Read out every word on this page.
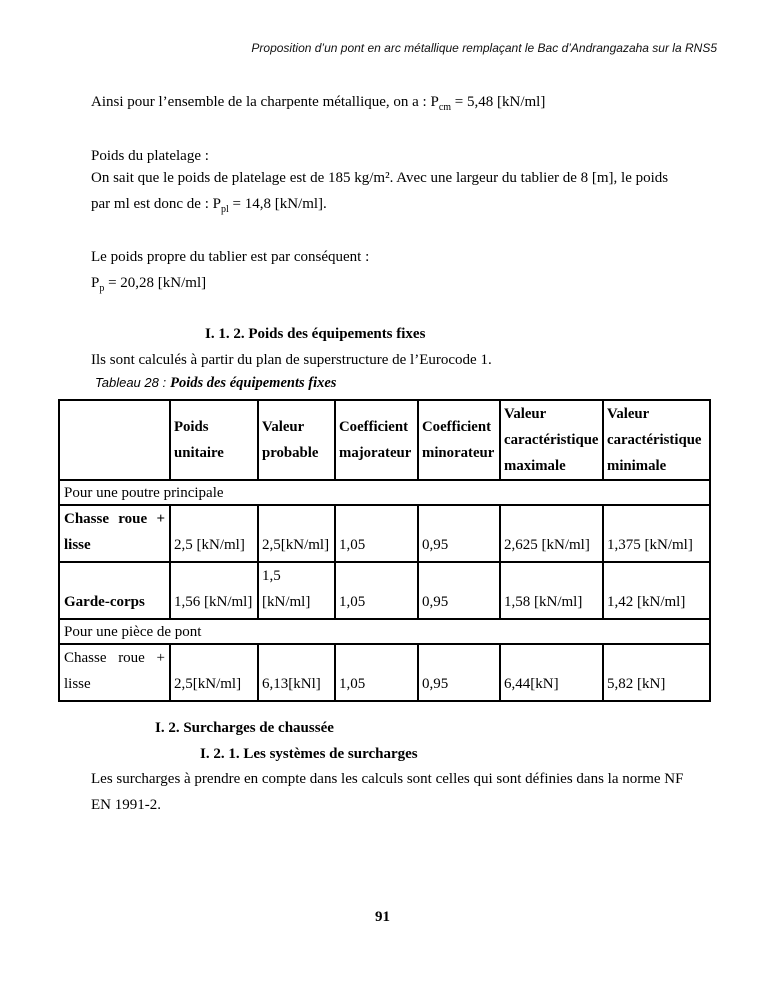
Proposition d’un pont en arc métallique remplaçant le Bac d’Andrangazaha sur la RNS5
Ainsi pour l’ensemble de la charpente métallique, on a : $P_{cm} = 5,48$ [kN/ml]
Poids du platelage :
On sait que le poids de platelage est de 185 kg/m². Avec une largeur du tablier de 8 [m], le poids
par ml est donc de : $P_{pl} = 14,8$ [kN/ml].
Le poids propre du tablier est par conséquent :
$P_p = 20,28$ [kN/ml]
I. 1. 2. Poids des équipements fixes
Ils sont calculés à partir du plan de superstructure de l’Eurocode 1.
Tableau 28 : Poids des équipements fixes
	Poids unitaire	Valeur probable	Coefficient majorateur	Coefficient minorateur	Valeur caractéristique maximale	Valeur caractéristique minimale
Pour une poutre principale						
Chasse roue + lisse	2,5 [kN/ml]	2,5[kN/ml]	1,05	0,95	2,625 [kN/ml]	1,375 [kN/ml]
Garde-corps	1,56 [kN/ml]	1,5 [kN/ml]	1,05	0,95	1,58 [kN/ml]	1,42 [kN/ml]
Pour une pièce de pont						
Chasse roue + lisse	2,5[kN/ml]	6,13[kNl]	1,05	0,95	6,44[kN]	5,82 [kN]
I. 2. Surcharges de chaussée
I. 2. 1. Les systèmes de surcharges
Les surcharges à prendre en compte dans les calculs sont celles qui sont définies dans la norme NF
EN 1991-2.
91
